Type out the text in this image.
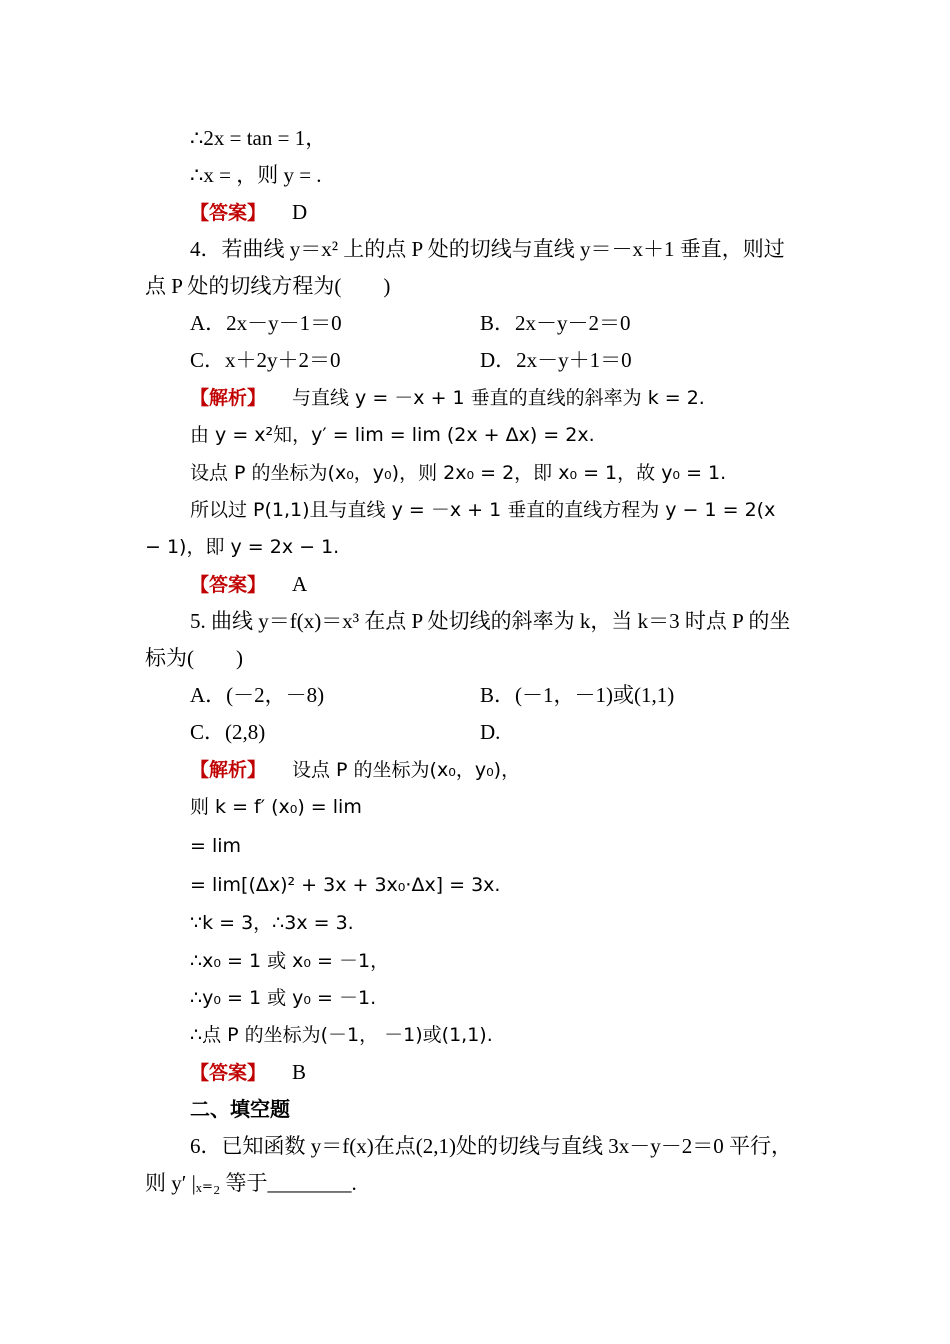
∴2x = tan = 1，
∴x = ，则 y = .
【答案】 D
4．若曲线 y＝x² 上的点 P 处的切线与直线 y＝－x＋1 垂直，则过
点 P 处的切线方程为(　　)
A．2x－y－1＝0	B．2x－y－2＝0
C．x＋2y＋2＝0	D．2x－y＋1＝0
【解析】 与直线 y = －x + 1 垂直的直线的斜率为 k = 2.
由 y = x²知，y′ = lim = lim (2x + Δx) = 2x.
设点 P 的坐标为(x₀，y₀)，则 2x₀ = 2，即 x₀ = 1，故 y₀ = 1.
所以过 P(1,1)且与直线 y = －x + 1 垂直的直线方程为 y − 1 = 2(x
− 1)，即 y = 2x − 1.
【答案】 A
5. 曲线 y＝f(x)＝x³ 在点 P 处切线的斜率为 k，当 k＝3 时点 P 的坐
标为(　　)
A．(－2，－8)	B．(－1，－1)或(1,1)
C．(2,8)	D.
【解析】 设点 P 的坐标为(x₀，y₀)，
则 k = f′ (x₀) = lim
= lim
= lim[(Δx)² + 3x + 3x₀·Δx] = 3x.
∵k = 3，∴3x = 3.
∴x₀ = 1 或 x₀ = －1，
∴y₀ = 1 或 y₀ = －1.
∴点 P 的坐标为(－1， －1)或(1,1).
【答案】 B
二、填空题
6．已知函数 y＝f(x)在点(2,1)处的切线与直线 3x－y－2＝0 平行，
则 y′ |ₓ₌₂ 等于________.
